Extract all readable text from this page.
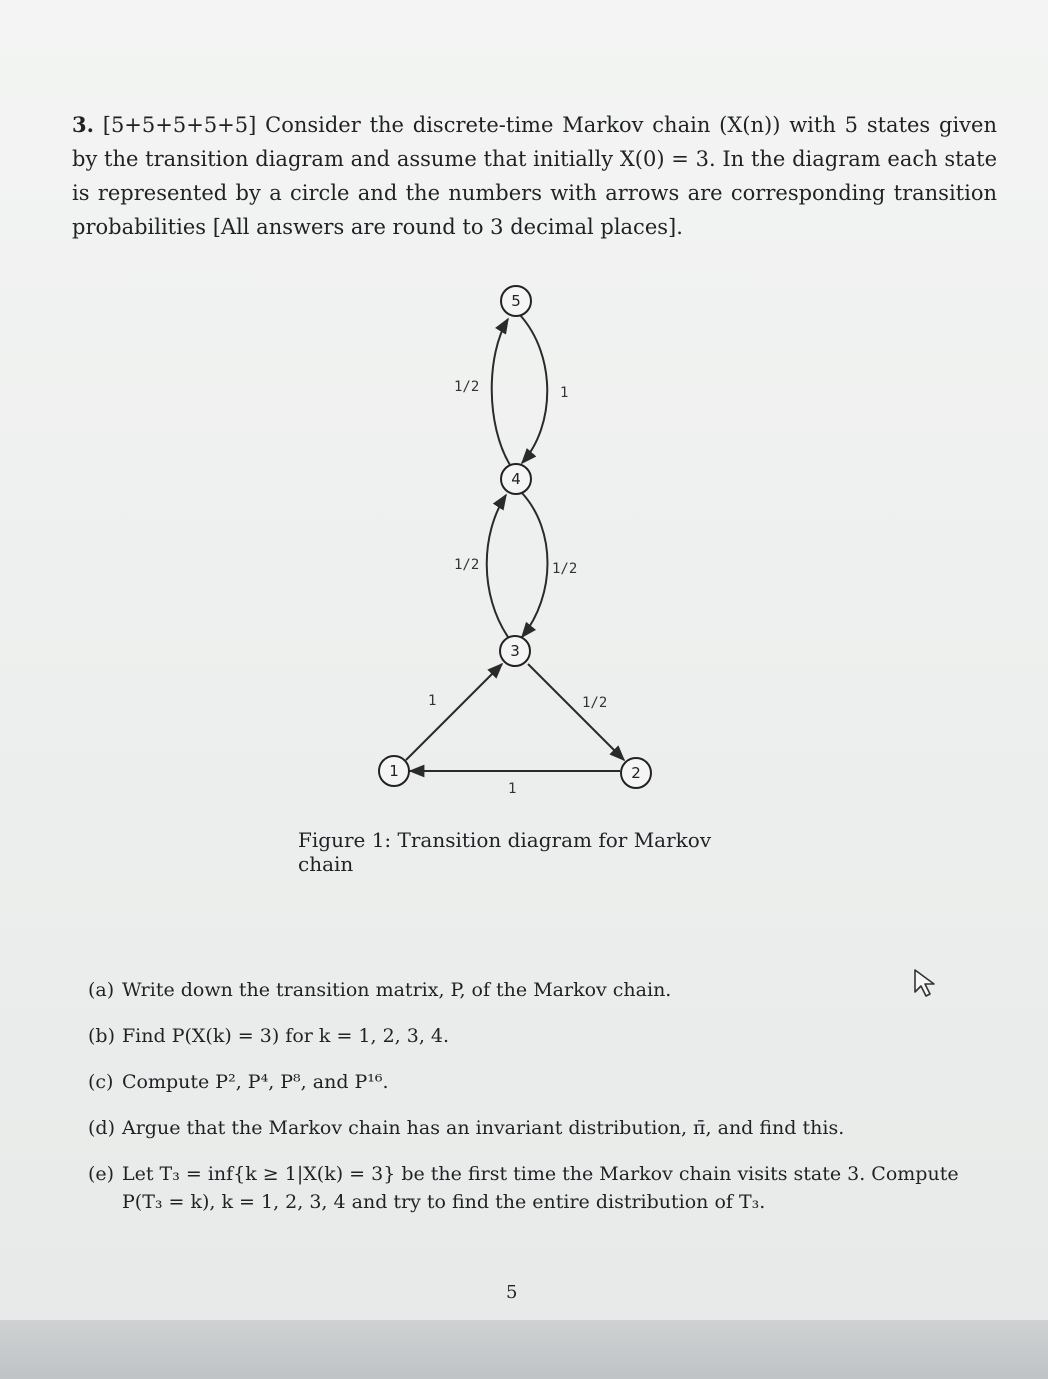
3. [5+5+5+5+5] Consider the discrete-time Markov chain (X(n)) with 5 states given by the transition diagram and assume that initially X(0) = 3. In the diagram each state is represented by a circle and the numbers with arrows are corresponding transition probabilities [All answers are round to 3 decimal places].
1/2	1
1/2	1/2
1	1/2
1
5
4
3
1	2
Figure 1: Transition diagram for Markov chain
(a) Write down the transition matrix, P, of the Markov chain.
(b) Find P(X(k) = 3) for k = 1, 2, 3, 4.
(c) Compute P², P⁴, P⁸, and P¹⁶.
(d) Argue that the Markov chain has an invariant distribution, π̄, and find this.
(e) Let T₃ = inf{k ≥ 1|X(k) = 3} be the first time the Markov chain visits state 3. Compute P(T₃ = k), k = 1, 2, 3, 4 and try to find the entire distribution of T₃.
5
